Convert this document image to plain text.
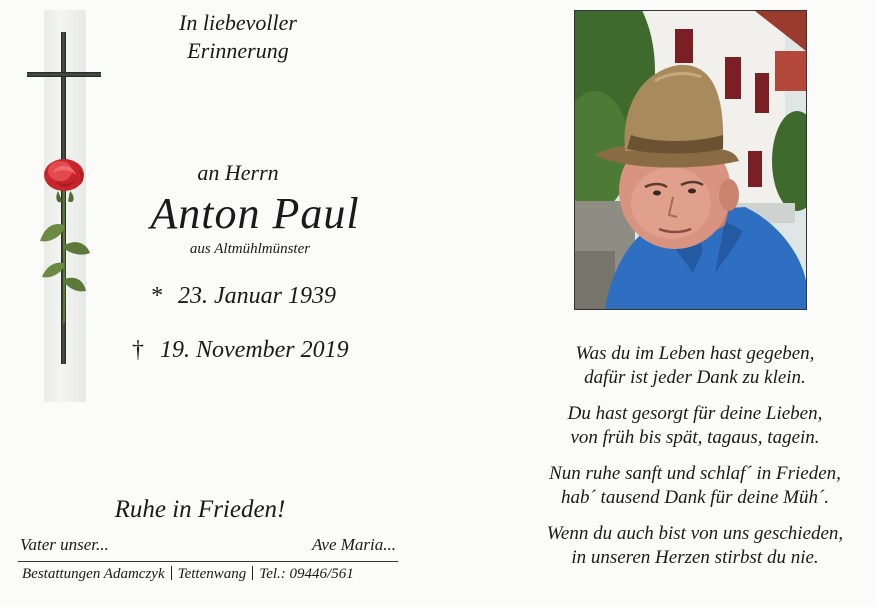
In liebevoller
Erinnerung
an Herrn
Anton Paul
aus Altmühlmünster
* 23. Januar 1939
† 19. November 2019
Ruhe in Frieden!
Vater unser...	Ave Maria...
Bestattungen Adamczyk Tettenwang Tel.: 09446/561
Was du im Leben hast gegeben,
dafür ist jeder Dank zu klein.
Du hast gesorgt für deine Lieben,
von früh bis spät, tagaus, tagein.
Nun ruhe sanft und schlaf´ in Frieden,
hab´ tausend Dank für deine Müh´.
Wenn du auch bist von uns geschieden,
in unseren Herzen stirbst du nie.
